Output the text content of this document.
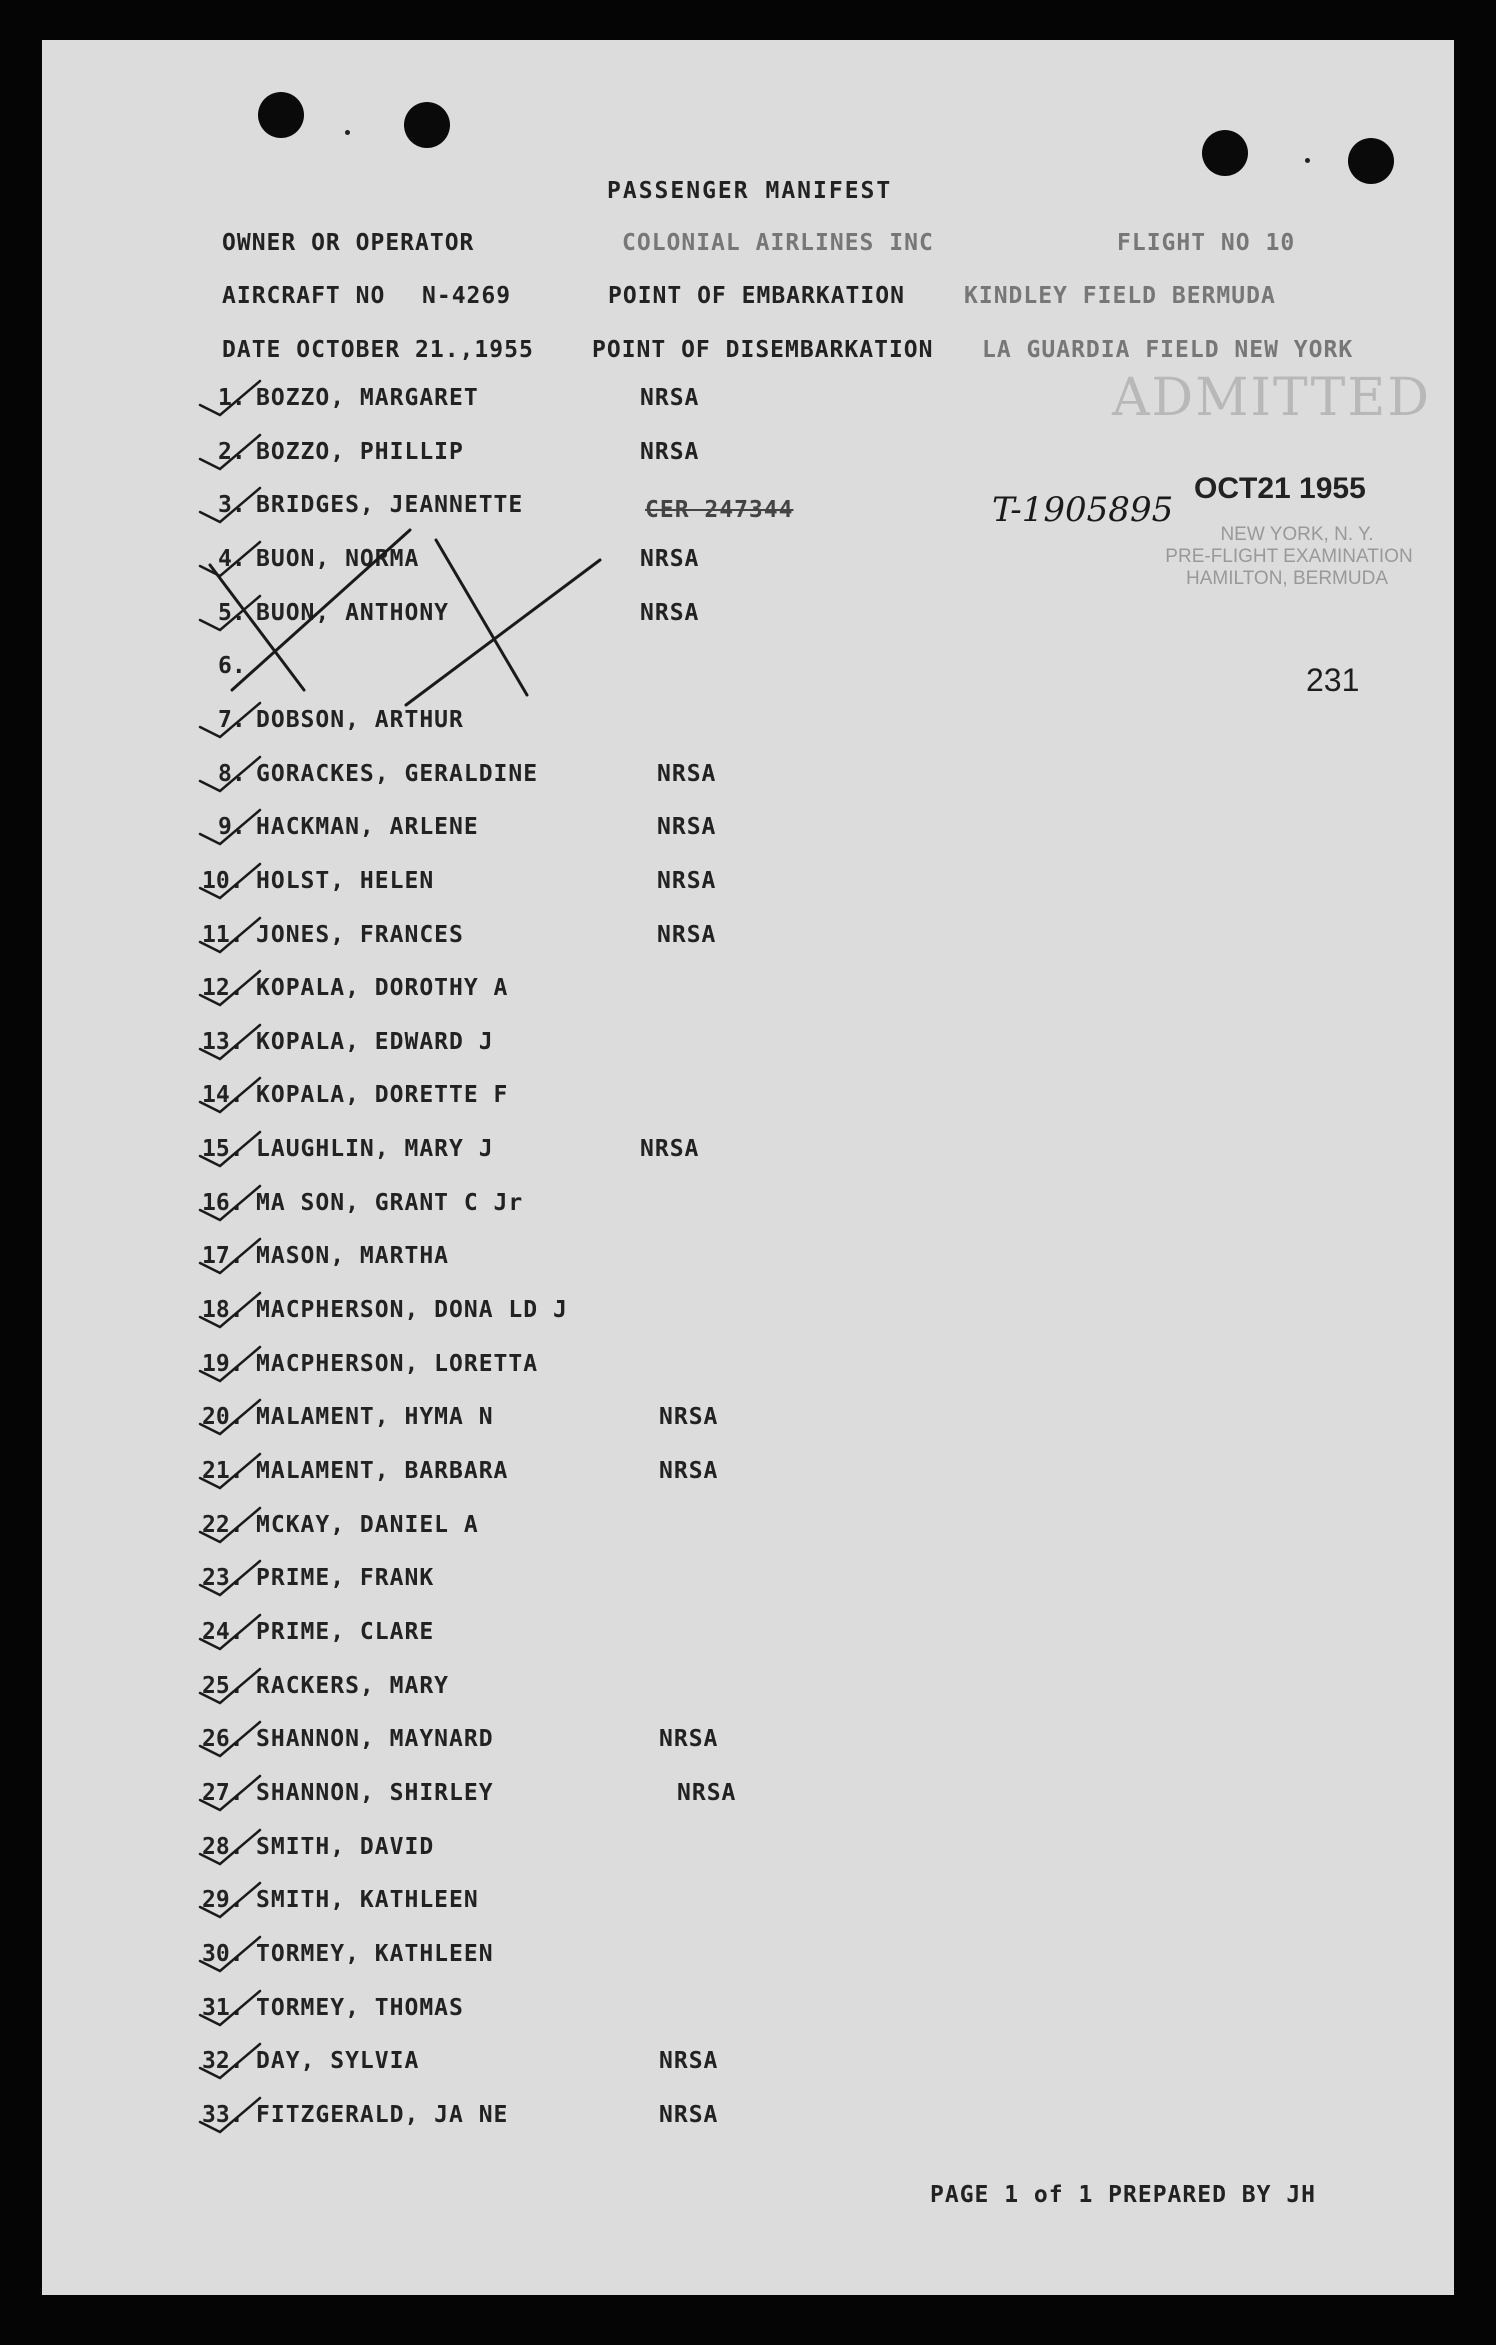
PASSENGER MANIFEST
OWNER OR OPERATOR	COLONIAL AIRLINES INC	FLIGHT NO 10
AIRCRAFT NO N-4269	POINT OF EMBARKATION	KINDLEY FIELD BERMUDA
DATE OCTOBER 21.,1955	POINT OF DISEMBARKATION LA GUARDIA FIELD NEW YORK
ADMITTED
OCT21 1955
NEW YORK, N. Y.
PRE-FLIGHT EXAMINATION
HAMILTON, BERMUDA
231
CER 247344	T-1905895
1. BOZZO, MARGARET	NRSA
2. BOZZO, PHILLIP	NRSA
3. BRIDGES, JEANNETTE
4. BUON, NORMA	NRSA
5. BUON, ANTHONY	NRSA
6.
7. DOBSON, ARTHUR
8. GORACKES, GERALDINE	NRSA
9. HACKMAN, ARLENE	NRSA
10. HOLST, HELEN	NRSA
11. JONES, FRANCES	NRSA
12. KOPALA, DOROTHY A
13. KOPALA, EDWARD J
14. KOPALA, DORETTE F
15. LAUGHLIN, MARY J	NRSA
16. MA SON, GRANT C Jr
17. MASON, MARTHA
18. MACPHERSON, DONA LD J
19. MACPHERSON, LORETTA
20. MALAMENT, HYMA N	NRSA
21. MALAMENT, BARBARA	NRSA
22. MCKAY, DANIEL A
23. PRIME, FRANK
24. PRIME, CLARE
25. RACKERS, MARY
26. SHANNON, MAYNARD	NRSA
27. SHANNON, SHIRLEY	NRSA
28. SMITH, DAVID
29. SMITH, KATHLEEN
30. TORMEY, KATHLEEN
31. TORMEY, THOMAS
32. DAY, SYLVIA	NRSA
33. FITZGERALD, JA NE	NRSA
PAGE 1 of 1 PREPARED BY JH
